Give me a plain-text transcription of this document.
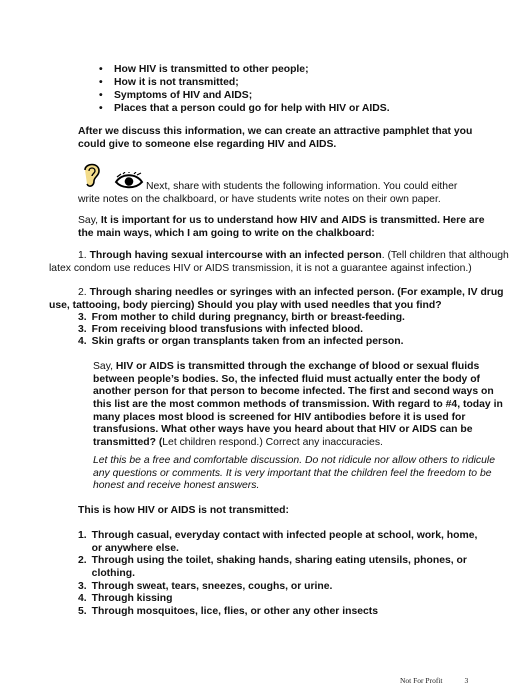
•	How HIV is transmitted to other people;
•	How it is not transmitted;
•	Symptoms of HIV and AIDS;
•	Places that a person could go for help with HIV or AIDS.
After we discuss this information, we can create an attractive pamphlet that you could give to someone else regarding HIV and AIDS.
Next, share with students the following information. You could either
write notes on the chalkboard, or have students write notes on their own paper.
Say, It is important for us to understand how HIV and AIDS is transmitted. Here are the main ways, which I am going to write on the chalkboard:
1. Through having sexual intercourse with an infected person. (Tell children that although latex condom use reduces HIV or AIDS transmission, it is not a guarantee against infection.)
2. Through sharing needles or syringes with an infected person. (For example, IV drug use, tattooing, body piercing) Should you play with used needles that you find?
3. From mother to child during pregnancy, birth or breast-feeding.
3. From receiving blood transfusions with infected blood.
4. Skin grafts or organ transplants taken from an infected person.
Say, HIV or AIDS is transmitted through the exchange of blood or sexual fluids between people’s bodies. So, the infected fluid must actually enter the body of another person for that person to become infected. The first and second ways on this list are the most common methods of transmission. With regard to #4, today in many places most blood is screened for HIV antibodies before it is used for transfusions. What other ways have you heard about that HIV or AIDS can be transmitted? (Let children respond.) Correct any inaccuracies.
Let this be a free and comfortable discussion. Do not ridicule nor allow others to ridicule any questions or comments. It is very important that the children feel the freedom to be honest and receive honest answers.
This is how HIV or AIDS is not transmitted:
1. Through casual, everyday contact with infected people at school, work, home, or anywhere else.
2. Through using the toilet, shaking hands, sharing eating utensils, phones, or clothing.
3. Through sweat, tears, sneezes, coughs, or urine.
4. Through kissing
5. Through mosquitoes, lice, flies, or other any other insects
Not For Profit	3
